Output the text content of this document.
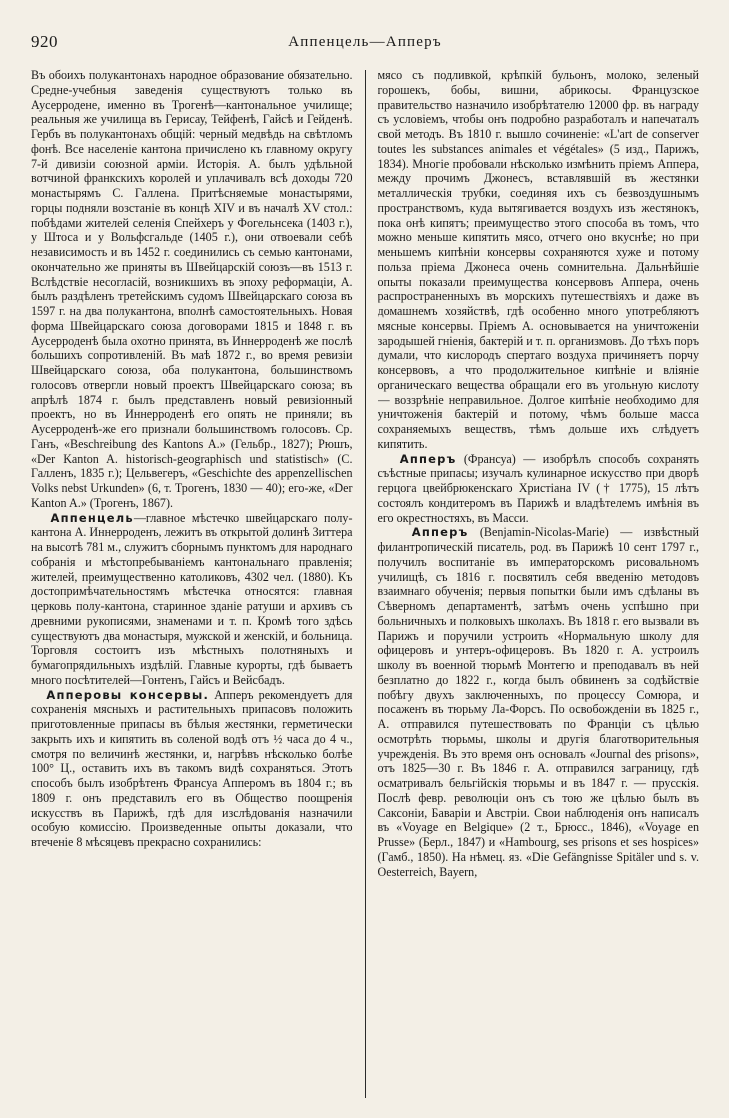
920	Аппенцель—Апперъ

Въ обоихъ полукантонахъ народное образование обязательно. Средне-учебныя заведенія существуютъ только въ Аусерродене, именно въ Трогенѣ—кантональное училище; реальныя же училища въ Герисау, Тейфенѣ, Гайсѣ и Гейденѣ. Гербъ въ полукантонахъ общій: черный медвѣдь на свѣтломъ фонѣ. Все населеніе кантона причислено къ главному округу 7-й дивизіи союзной арміи. Исторія. А. былъ удѣльной вотчиной франкскихъ королей и уплачивалъ всѣ доходы 720 монастырямъ С. Галлена. Притѣсняемые монастырями, горцы подняли возстаніе въ концѣ XIV и въ началѣ XV стол.: побѣдами жителей селенія Спейхеръ у Фогельнсека (1403 г.), у Штоса и у Вольфсгальде (1405 г.), они отвоевали себѣ независимость и въ 1452 г. соединились съ семью кантонами, окончательно же приняты въ Швейцарскій союзъ—въ 1513 г. Вслѣдствіе несогласій, возникшихъ въ эпоху реформаціи, А. былъ раздѣленъ третейскимъ судомъ Швейцарскаго союза въ 1597 г. на два полукантона, вполнѣ самостоятельныхъ. Новая форма Швейцарскаго союза договорами 1815 и 1848 г. въ Аусерроденѣ была охотно принята, въ Иннерроденѣ же послѣ большихъ сопротивленій. Въ маѣ 1872 г., во время ревизіи Швейцарскаго союза, оба полукантона, большинствомъ голосовъ отвергли новый проектъ Швейцарскаго союза; въ апрѣлѣ 1874 г. былъ представленъ новый ревизіонный проектъ, но въ Иннерроденѣ его опять не приняли; въ Аусерроденѣ-же его признали большинствомъ голосовъ. Ср. Ганъ, «Beschreibung des Kantons A.» (Гельбр., 1827); Рюшъ, «Der Kanton A. historisch-geographisch und statistisch» (С. Галленъ, 1835 г.); Цельвегеръ, «Geschichte des appenzellischen Volks nebst Urkunden» (6, т. Трогенъ, 1830 — 40); его-же, «Der Kanton A.» (Трогенъ, 1867).

Аппенцель—главное мѣстечко швейцарскаго полу-кантона А. Иннерроденъ, лежитъ въ открытой долинѣ Зиттера на высотѣ 781 м., служитъ сборнымъ пунктомъ для народнаго собранія и мѣстопребываніемъ кантональнаго правленія; жителей, преимущественно католиковъ, 4302 чел. (1880). Къ достопримѣчательностямъ мѣстечка относятся: главная церковь полу-кантона, старинное зданіе ратуши и архивъ съ древними рукописями, знаменами и т. п. Кромѣ того здѣсь существуютъ два монастыря, мужской и женскій, и больница. Торговля состоитъ изъ мѣстныхъ полотняныхъ и бумагопрядильныхъ издѣлій. Главные курорты, гдѣ бываетъ много посѣтителей—Гонтенъ, Гайсъ и Вейсбадъ.

Апперовы консервы. Апперъ рекомендуетъ для сохраненія мясныхъ и растительныхъ припасовъ положить приготовленные припасы въ бѣлыя жестянки, герметически закрыть ихъ и кипятить въ соленой водѣ отъ ½ часа до 4 ч., смотря по величинѣ жестянки, и, нагрѣвъ нѣсколько болѣе 100° Ц., оставить ихъ въ такомъ видѣ сохраняться. Этотъ способъ былъ изобрѣтенъ Франсуа Апперомъ въ 1804 г.; въ 1809 г. онъ представилъ его въ Общество поощренія искусствъ въ Парижѣ, гдѣ для изслѣдованія назначили особую комиссію. Произведенные опыты доказали, что втеченіе 8 мѣсяцевъ прекрасно сохранились:

мясо съ подливкой, крѣпкій бульонъ, молоко, зеленый горошекъ, бобы, вишни, абрикосы. Французское правительство назначило изобрѣтателю 12000 фр. въ награду съ условіемъ, чтобы онъ подробно разработалъ и напечаталъ свой методъ. Въ 1810 г. вышло сочиненіе: «L'art de conserver toutes les substances animales et végétales» (5 изд., Парижъ, 1834). Многіе пробовали нѣсколько измѣнить пріемъ Аппера, между прочимъ Джонесъ, вставлявшій въ жестянки металлическія трубки, соединяя ихъ съ безвоздушнымъ пространствомъ, куда вытягивается воздухъ изъ жестянокъ, пока онѣ кипятъ; преимущество этого способа въ томъ, что можно меньше кипятить мясо, отчего оно вкуснѣе; но при меньшемъ кипѣніи консервы сохраняются хуже и потому польза пріема Джонеса очень сомнительна. Дальнѣйшіе опыты показали преимущества консервовъ Аппера, очень распространенныхъ въ морскихъ путешествіяхъ и даже въ домашнемъ хозяйствѣ, гдѣ особенно много употребляютъ мясные консервы. Пріемъ А. основывается на уничтоженіи зародышей гніенія, бактерій и т. п. организмовъ. До тѣхъ поръ думали, что кислородъ спертаго воздуха причиняетъ порчу консервовъ, а что продолжительное кипѣніе и вліяніе органическаго вещества обращали его въ угольную кислоту — воззрѣніе неправильное. Долгое кипѣніе необходимо для уничтоженія бактерій и потому, чѣмъ больше масса сохраняемыхъ веществъ, тѣмъ дольше ихъ слѣдуетъ кипятить.

Апперъ (Франсуа) — изобрѣлъ способъ сохранять съѣстные припасы; изучалъ кулинарное искусство при дворѣ герцога цвейбрюкенскаго Христіана IV († 1775), 15 лѣтъ состоялъ кондитеромъ въ Парижѣ и владѣтелемъ имѣнія въ его окрестностяхъ, въ Масси.

Апперъ (Benjamin-Nicolas-Marie) — извѣстный филантропическій писатель, род. въ Парижѣ 10 сент 1797 г., получилъ воспитаніе въ императорскомъ рисовальномъ училищѣ, съ 1816 г. посвятилъ себя введенію методовъ взаимнаго обученія; первыя попытки были имъ сдѣланы въ Сѣверномъ департаментѣ, затѣмъ очень успѣшно при больничныхъ и полковыхъ школахъ. Въ 1818 г. его вызвали въ Парижъ и поручили устроить «Нормальную школу для офицеровъ и унтеръ-офицеровъ. Въ 1820 г. А. устроилъ школу въ военной тюрьмѣ Монтегю и преподавалъ въ ней безплатно до 1822 г., когда былъ обвиненъ за содѣйствіе побѣгу двухъ заключенныхъ, по процессу Сомюра, и посаженъ въ тюрьму Ла-Форсъ. По освобожденіи въ 1825 г., А. отправился путешествовать по Франціи съ цѣлью осмотрѣть тюрьмы, школы и другія благотворительныя учрежденія. Въ это время онъ основалъ «Journal des prisons», отъ 1825—30 г. Въ 1846 г. А. отправился заграницу, гдѣ осматривалъ бельгійскія тюрьмы и въ 1847 г. — прусскія. Послѣ февр. революціи онъ съ тою же цѣлью былъ въ Саксоніи, Баваріи и Австріи. Свои наблюденія онъ написалъ въ «Voyage en Belgique» (2 т., Брюсс., 1846), «Voyage en Prusse» (Берл., 1847) и «Hambourg, ses prisons et ses hospices» (Гамб., 1850). На нѣмец. яз. «Die Gefängnisse Spitäler und s. v. Oesterreich, Bayern,
